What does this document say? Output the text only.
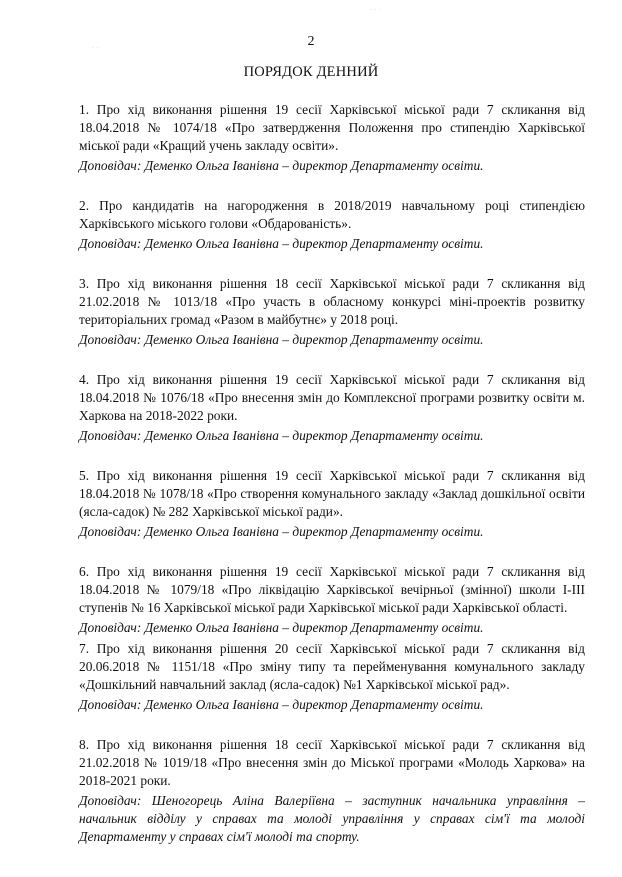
· · ·
· ·	2
ПОРЯДОК ДЕННИЙ

1. Про хід виконання рішення 19 сесії Харківської міської ради 7 скликання від 18.04.2018 № 1074/18 «Про затвердження Положення про стипендію Харківської міської ради «Кращий учень закладу освіти».

Доповідач: Деменко Ольга Іванівна – директор Департаменту освіти.

2. Про кандидатів на нагородження в 2018/2019 навчальному році стипендією Харківського міського голови «Обдарованість».

Доповідач: Деменко Ольга Іванівна – директор Департаменту освіти.

3. Про хід виконання рішення 18 сесії Харківської міської ради 7 скликання від 21.02.2018 № 1013/18 «Про участь в обласному конкурсі міні-проектів розвитку територіальних громад «Разом в майбутнє» у 2018 році.

Доповідач: Деменко Ольга Іванівна – директор Департаменту освіти.

4. Про хід виконання рішення 19 сесії Харківської міської ради 7 скликання від 18.04.2018 № 1076/18 «Про внесення змін до Комплексної програми розвитку освіти м. Харкова на 2018-2022 роки.

Доповідач: Деменко Ольга Іванівна – директор Департаменту освіти.

5. Про хід виконання рішення 19 сесії Харківської міської ради 7 скликання від 18.04.2018 № 1078/18 «Про створення комунального закладу «Заклад дошкільної освіти (ясла-садок) № 282 Харківської міської ради».

Доповідач: Деменко Ольга Іванівна – директор Департаменту освіти.

6. Про хід виконання рішення 19 сесії Харківської міської ради 7 скликання від 18.04.2018 № 1079/18 «Про ліквідацію Харківської вечірньої (змінної) школи І-ІІІ ступенів № 16 Харківської міської ради Харківської міської ради Харківської області.

Доповідач: Деменко Ольга Іванівна – директор Департаменту освіти.

7. Про хід виконання рішення 20 сесії Харківської міської ради 7 скликання від 20.06.2018 № 1151/18 «Про зміну типу та перейменування комунального закладу «Дошкільний навчальний заклад (ясла-садок) №1 Харківської міської рад».

Доповідач: Деменко Ольга Іванівна – директор Департаменту освіти.

8. Про хід виконання рішення 18 сесії Харківської міської ради 7 скликання від 21.02.2018 № 1019/18 «Про внесення змін до Міської програми «Молодь Харкова» на 2018-2021 роки.

Доповідач: Шеногорець Аліна Валеріївна – заступник начальника управління – начальник відділу у справах та молоді управління у справах сім'ї та молоді Департаменту у справах сім'ї молоді та спорту.
